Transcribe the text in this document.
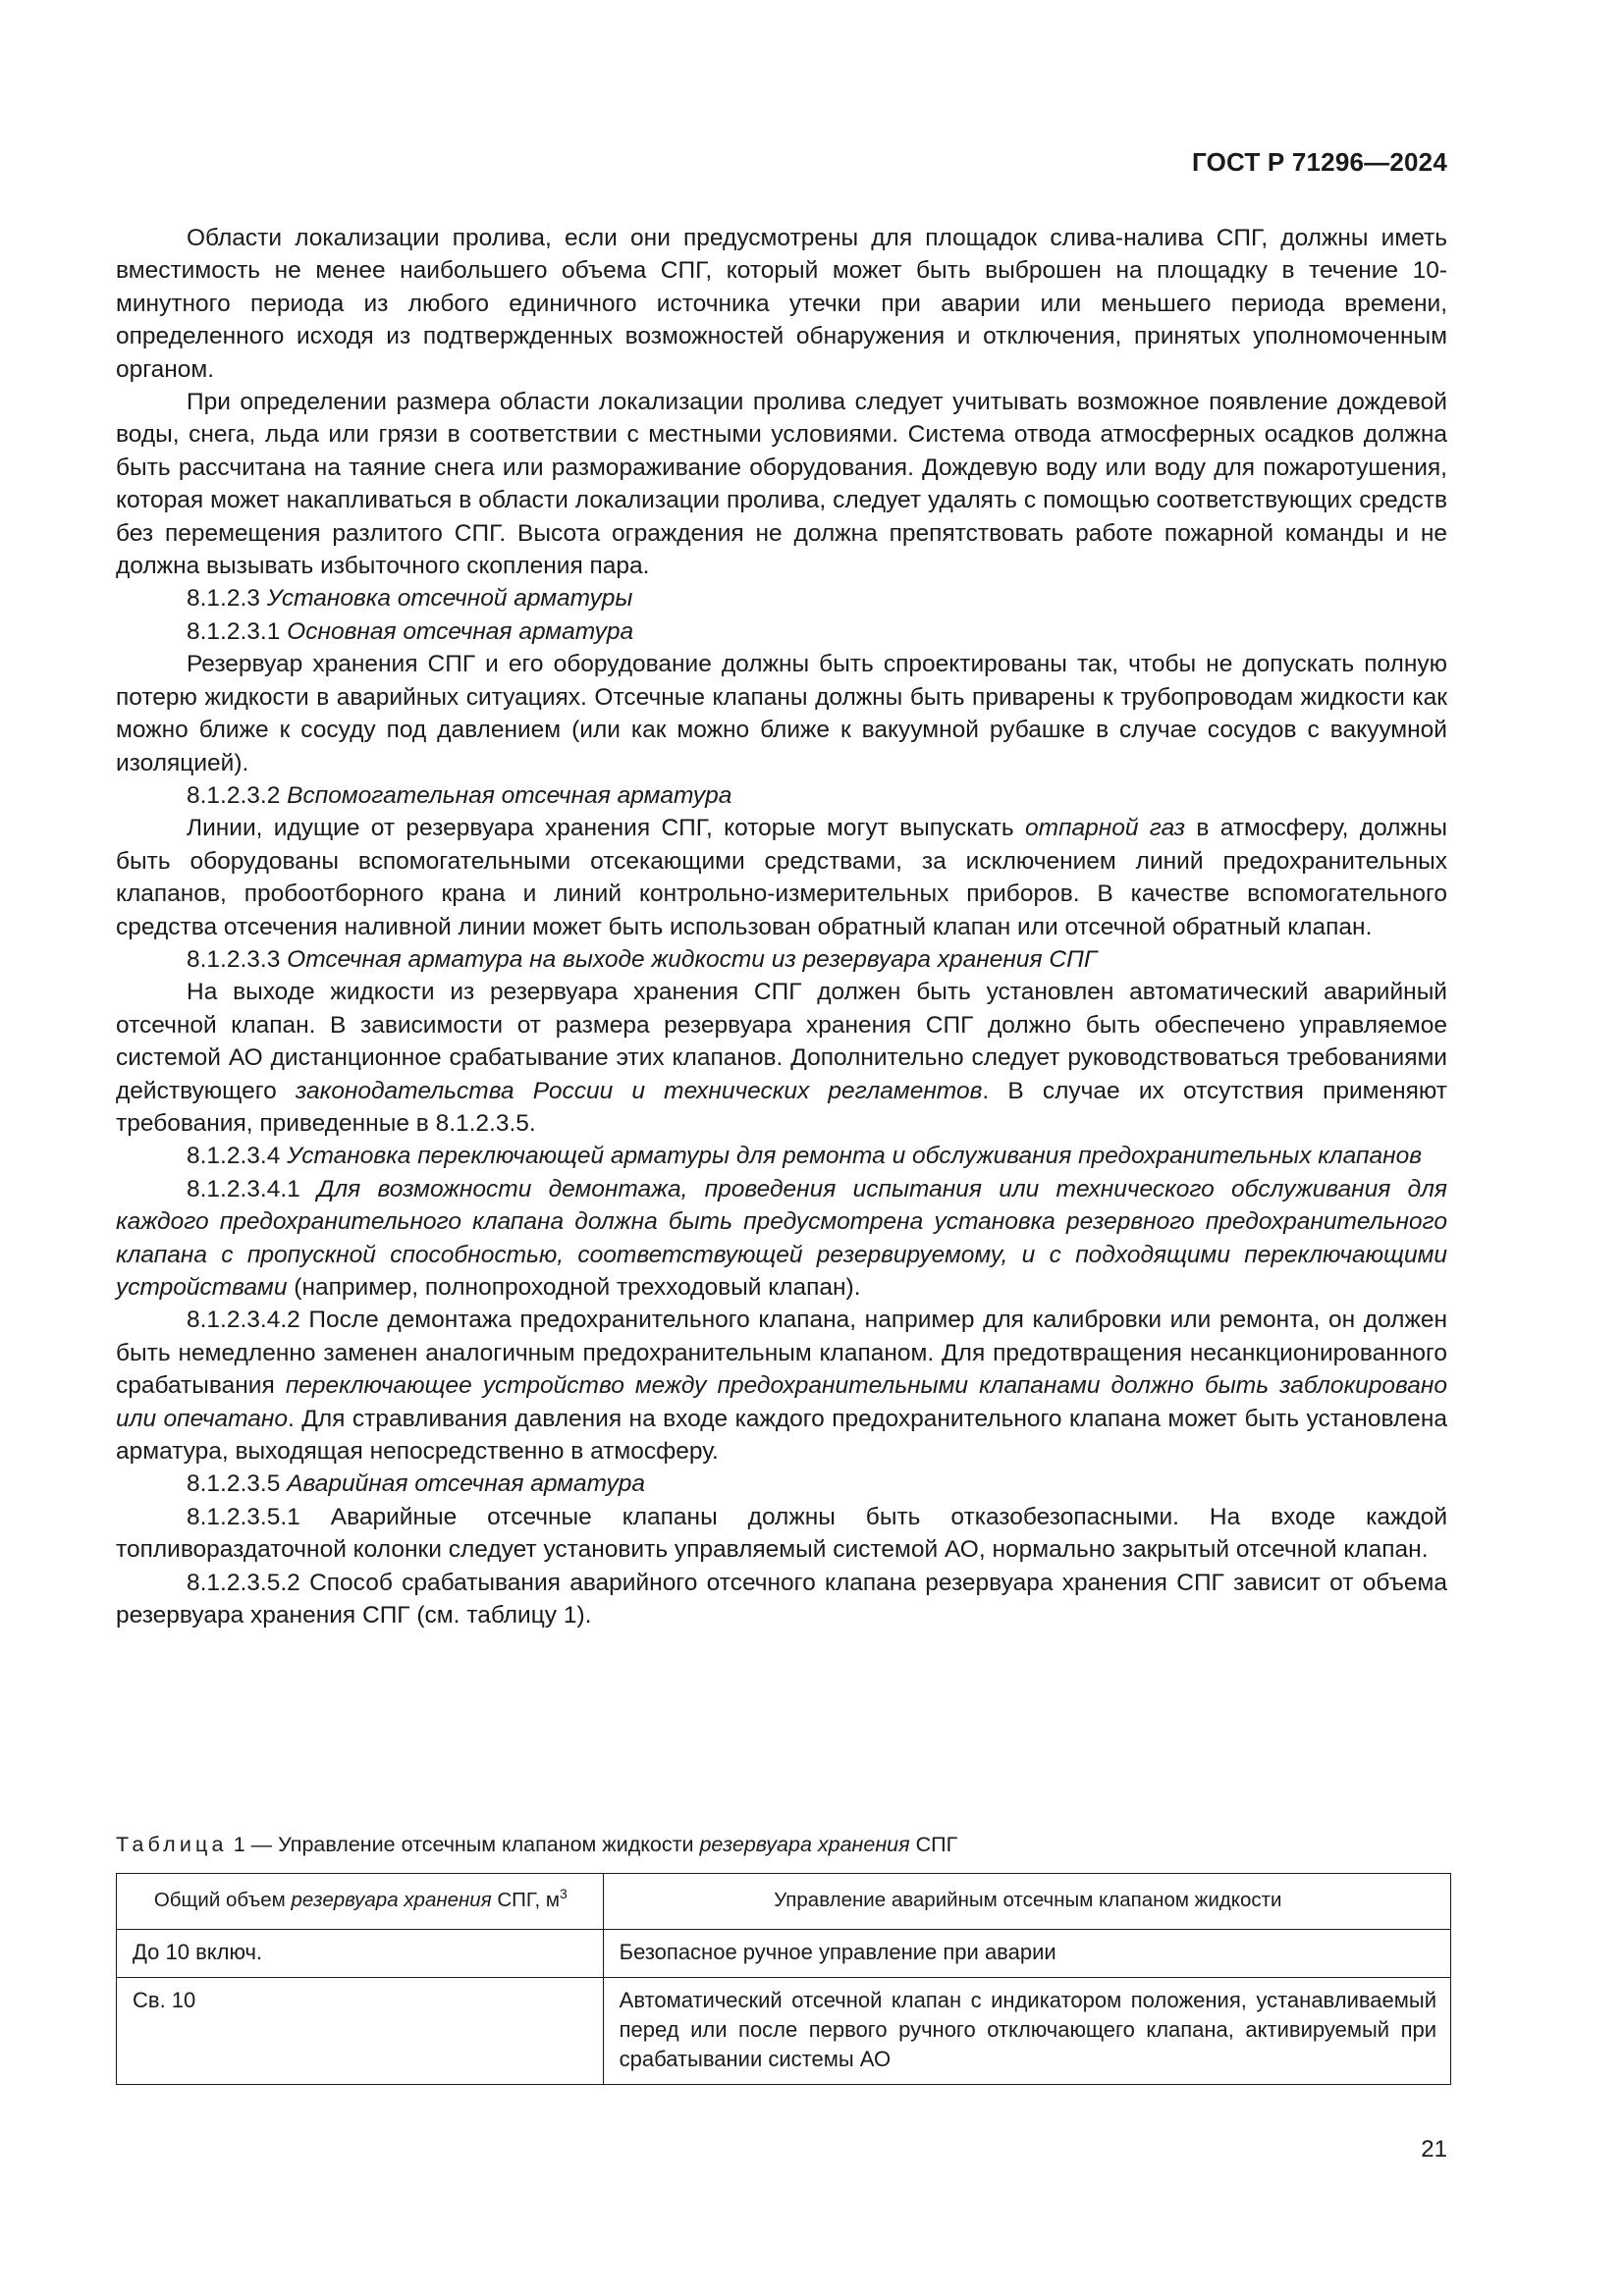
ГОСТ Р 71296—2024

Области локализации пролива, если они предусмотрены для площадок слива-налива СПГ, должны иметь вместимость не менее наибольшего объема СПГ, который может быть выброшен на площадку в течение 10-минутного периода из любого единичного источника утечки при аварии или меньшего периода времени, определенного исходя из подтвержденных возможностей обнаружения и отключения, принятых уполномоченным органом.

При определении размера области локализации пролива следует учитывать возможное появление дождевой воды, снега, льда или грязи в соответствии с местными условиями. Система отвода атмосферных осадков должна быть рассчитана на таяние снега или размораживание оборудования. Дождевую воду или воду для пожаротушения, которая может накапливаться в области локализации пролива, следует удалять с помощью соответствующих средств без перемещения разлитого СПГ. Высота ограждения не должна препятствовать работе пожарной команды и не должна вызывать избыточного скопления пара.

8.1.2.3 Установка отсечной арматуры

8.1.2.3.1 Основная отсечная арматура

Резервуар хранения СПГ и его оборудование должны быть спроектированы так, чтобы не допускать полную потерю жидкости в аварийных ситуациях. Отсечные клапаны должны быть приварены к трубопроводам жидкости как можно ближе к сосуду под давлением (или как можно ближе к вакуумной рубашке в случае сосудов с вакуумной изоляцией).

8.1.2.3.2 Вспомогательная отсечная арматура

Линии, идущие от резервуара хранения СПГ, которые могут выпускать отпарной газ в атмосферу, должны быть оборудованы вспомогательными отсекающими средствами, за исключением линий предохранительных клапанов, пробоотборного крана и линий контрольно-измерительных приборов. В качестве вспомогательного средства отсечения наливной линии может быть использован обратный клапан или отсечной обратный клапан.

8.1.2.3.3 Отсечная арматура на выходе жидкости из резервуара хранения СПГ

На выходе жидкости из резервуара хранения СПГ должен быть установлен автоматический аварийный отсечной клапан. В зависимости от размера резервуара хранения СПГ должно быть обеспечено управляемое системой АО дистанционное срабатывание этих клапанов. Дополнительно следует руководствоваться требованиями действующего законодательства России и технических регламентов. В случае их отсутствия применяют требования, приведенные в 8.1.2.3.5.

8.1.2.3.4 Установка переключающей арматуры для ремонта и обслуживания предохранительных клапанов

8.1.2.3.4.1 Для возможности демонтажа, проведения испытания или технического обслуживания для каждого предохранительного клапана должна быть предусмотрена установка резервного предохранительного клапана с пропускной способностью, соответствующей резервируемому, и с подходящими переключающими устройствами (например, полнопроходной трехходовый клапан).

8.1.2.3.4.2 После демонтажа предохранительного клапана, например для калибровки или ремонта, он должен быть немедленно заменен аналогичным предохранительным клапаном. Для предотвращения несанкционированного срабатывания переключающее устройство между предохранительными клапанами должно быть заблокировано или опечатано. Для стравливания давления на входе каждого предохранительного клапана может быть установлена арматура, выходящая непосредственно в атмосферу.

8.1.2.3.5 Аварийная отсечная арматура

8.1.2.3.5.1 Аварийные отсечные клапаны должны быть отказобезопасными. На входе каждой топливораздаточной колонки следует установить управляемый системой АО, нормально закрытый отсечной клапан.

8.1.2.3.5.2 Способ срабатывания аварийного отсечного клапана резервуара хранения СПГ зависит от объема резервуара хранения СПГ (см. таблицу 1).

Таблица 1 — Управление отсечным клапаном жидкости резервуара хранения СПГ
Общий объем резервуара хранения СПГ, $м^3$	Управление аварийным отсечным клапаном жидкости
До 10 включ.	Безопасное ручное управление при аварии
Св. 10	Автоматический отсечной клапан с индикатором положения, устанавливаемый перед или после первого ручного отключающего клапана, активируемый при срабатывании системы АО
21
